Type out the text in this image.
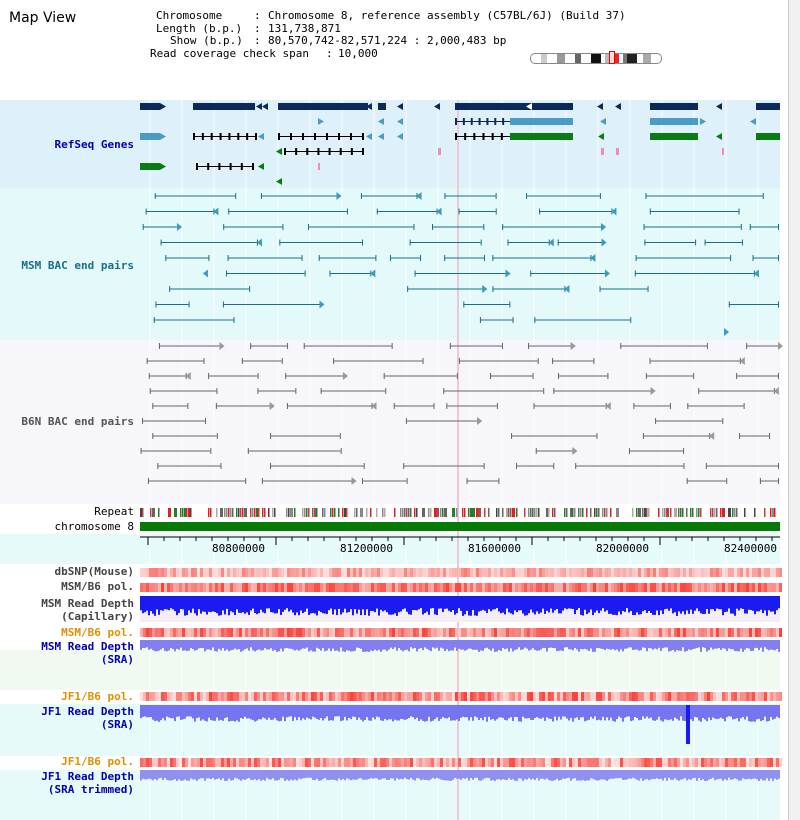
Map View	Chromosome	: Chromosome 8, reference assembly (C57BL/6J) (Build 37)
Length (b.p.) : 131,738,871
Show (b.p.) : 80,570,742-82,571,224 : 2,000,483 bp
Read coverage check span : 10,000
RefSeq Genes
MSM BAC end pairs
B6N BAC end pairs
Repeat
chromosome 8
dbSNP(Mouse)
MSM/B6 pol.
MSM Read Depth
(Capillary)
MSM/B6 pol.
MSM Read Depth
(SRA)
JF1/B6 pol.
JF1 Read Depth
(SRA)
JF1/B6 pol.
JF1 Read Depth
(SRA trimmed)
80800000	81200000	81600000	82000000	82400000
